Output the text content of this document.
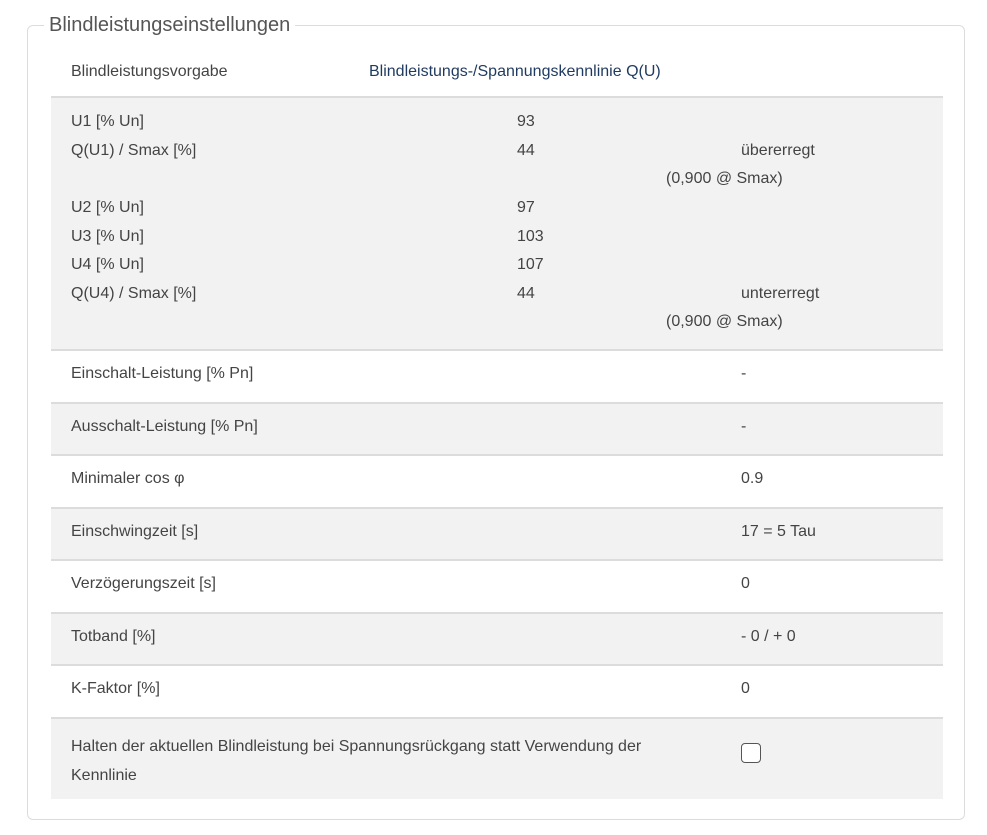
Blindleistungseinstellungen
Blindleistungsvorgabe	Blindleistungs-/Spannungskennlinie Q(U)
U1 [% Un]	93
Q(U1) / Smax [%]	44	übererregt
(0,900 @ Smax)
U2 [% Un]	97
U3 [% Un]	103
U4 [% Un]	107
Q(U4) / Smax [%]	44	untererregt
(0,900 @ Smax)
Einschalt-Leistung [% Pn]	-
Ausschalt-Leistung [% Pn]	-
Minimaler cos φ	0.9
Einschwingzeit [s]	17 = 5 Tau
Verzögerungszeit [s]	0
Totband [%]	- 0 / + 0
K-Faktor [%]	0
Halten der aktuellen Blindleistung bei Spannungsrückgang statt Verwendung der Kennlinie
